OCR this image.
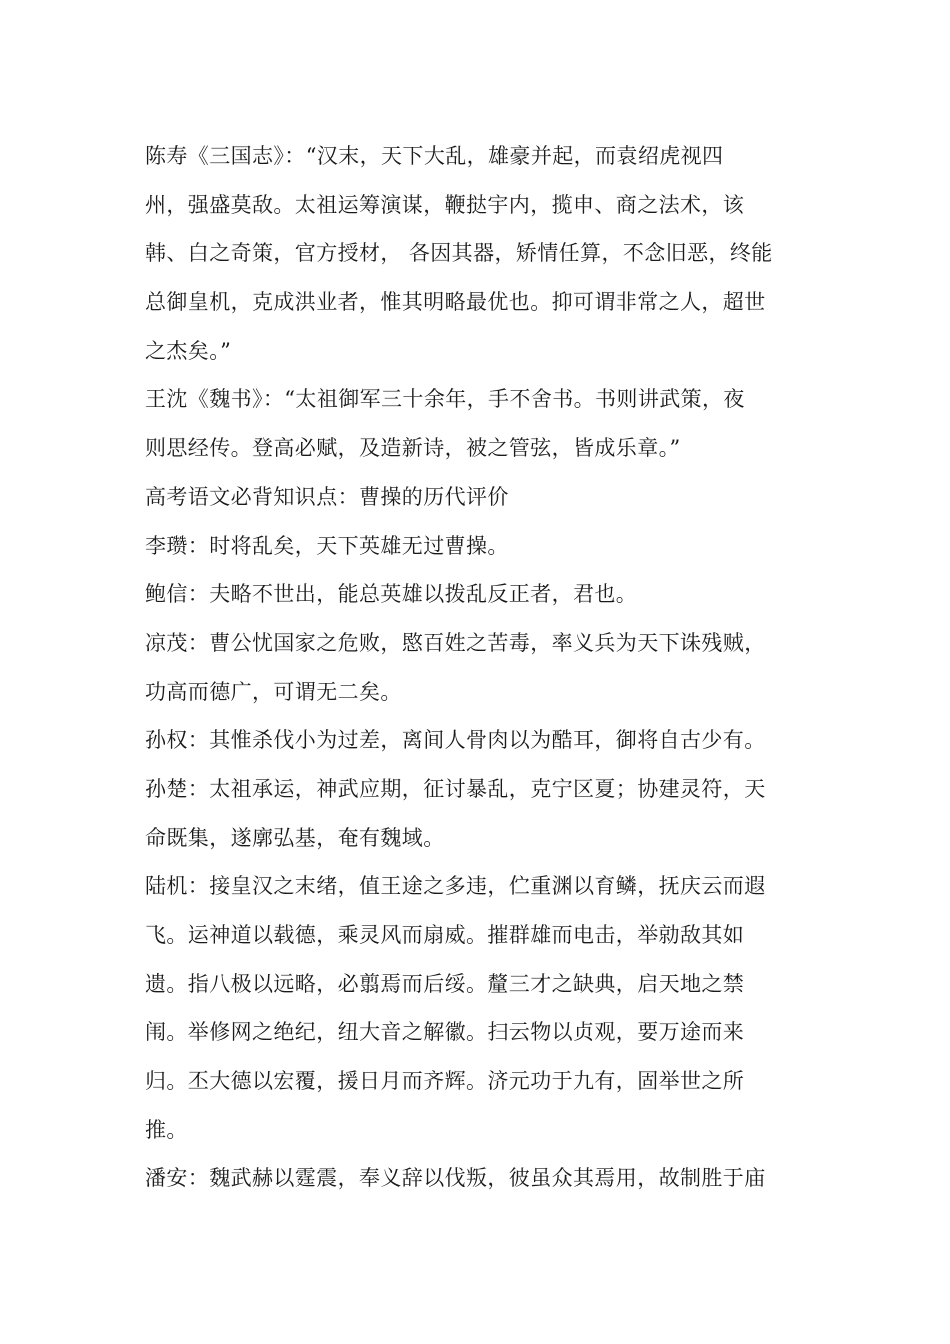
陈寿《三国志》：“汉末，天下大乱，雄豪并起，而袁绍虎视四
州，强盛莫敌。太祖运筹演谋，鞭挞宇内，揽申、商之法术，该
韩、白之奇策，官方授材， 各因其器，矫情任算，不念旧恶，终能
总御皇机，克成洪业者，惟其明略最优也。抑可谓非常之人，超世
之杰矣。”
王沈《魏书》：“太祖御军三十余年，手不舍书。书则讲武策，夜
则思经传。登高必赋，及造新诗，被之管弦，皆成乐章。”
高考语文必背知识点：曹操的历代评价
李瓒：时将乱矣，天下英雄无过曹操。
鲍信：夫略不世出，能总英雄以拨乱反正者，君也。
凉茂：曹公忧国家之危败，愍百姓之苦毒，率义兵为天下诛残贼，
功高而德广，可谓无二矣。
孙权：其惟杀伐小为过差，离间人骨肉以为酷耳，御将自古少有。
孙楚：太祖承运，神武应期，征讨暴乱，克宁区夏；协建灵符，天
命既集，遂廓弘基，奄有魏域。
陆机：接皇汉之末绪，值王途之多违，伫重渊以育鳞，抚庆云而遐
飞。运神道以载德，乘灵风而扇威。摧群雄而电击，举勍敌其如
遗。指八极以远略，必翦焉而后绥。釐三才之缺典，启天地之禁
闱。举修网之绝纪，纽大音之解徽。扫云物以贞观，要万途而来
归。丕大德以宏覆，援日月而齐辉。济元功于九有，固举世之所
推。
潘安：魏武赫以霆震，奉义辞以伐叛，彼虽众其焉用，故制胜于庙
